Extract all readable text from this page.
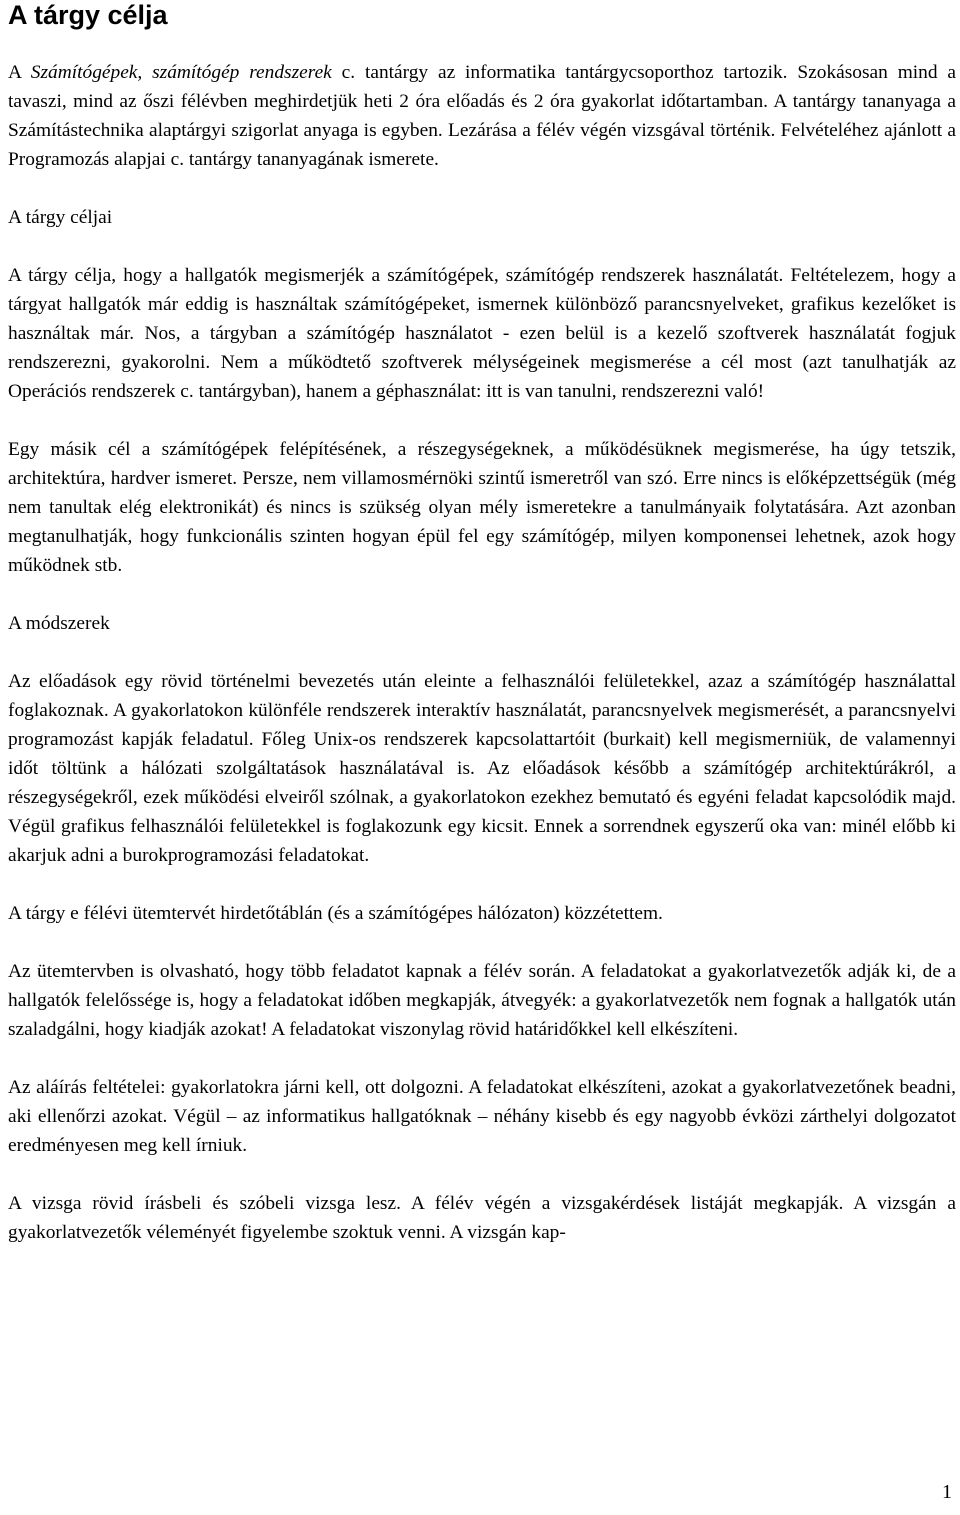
A tárgy célja

A Számítógépek, számítógép rendszerek c. tantárgy az informatika tantárgycsoporthoz tartozik. Szokásosan mind a tavaszi, mind az őszi félévben meghirdetjük heti 2 óra előadás és 2 óra gyakorlat időtartamban. A tantárgy tananyaga a Számítástechnika alaptárgyi szigorlat anyaga is egyben. Lezárása a félév végén vizsgával történik. Felvételéhez ajánlott a Programozás alapjai c. tantárgy tananyagának ismerete.

A tárgy céljai

A tárgy célja, hogy a hallgatók megismerjék a számítógépek, számítógép rendszerek használatát. Feltételezem, hogy a tárgyat hallgatók már eddig is használtak számítógépeket, ismernek különböző parancsnyelveket, grafikus kezelőket is használtak már. Nos, a tárgyban a számítógép használatot - ezen belül is a kezelő szoftverek használatát fogjuk rendszerezni, gyakorolni. Nem a működtető szoftverek mélységeinek megismerése a cél most (azt tanulhatják az Operációs rendszerek c. tantárgyban), hanem a géphasználat: itt is van tanulni, rendszerezni való!

Egy másik cél a számítógépek felépítésének, a részegységeknek, a működésüknek megismerése, ha úgy tetszik, architektúra, hardver ismeret. Persze, nem villamosmérnöki szintű ismeretről van szó. Erre nincs is előképzettségük (még nem tanultak elég elektronikát) és nincs is szükség olyan mély ismeretekre a tanulmányaik folytatására. Azt azonban megtanulhatják, hogy funkcionális szinten hogyan épül fel egy számítógép, milyen komponensei lehetnek, azok hogy működnek stb.

A módszerek

Az előadások egy rövid történelmi bevezetés után eleinte a felhasználói felületekkel, azaz a számítógép használattal foglakoznak. A gyakorlatokon különféle rendszerek interaktív használatát, parancsnyelvek megismerését, a parancsnyelvi programozást kapják feladatul. Főleg Unix-os rendszerek kapcsolattartóit (burkait) kell megismerniük, de valamennyi időt töltünk a hálózati szolgáltatások használatával is. Az előadások később a számítógép architektúrákról, a részegységekről, ezek működési elveiről szólnak, a gyakorlatokon ezekhez bemutató és egyéni feladat kapcsolódik majd. Végül grafikus felhasználói felületekkel is foglakozunk egy kicsit. Ennek a sorrendnek egyszerű oka van: minél előbb ki akarjuk adni a burokprogramozási feladatokat.

A tárgy e félévi ütemtervét hirdetőtáblán (és a számítógépes hálózaton) közzétettem.

Az ütemtervben is olvasható, hogy több feladatot kapnak a félév során. A feladatokat a gyakorlatvezetők adják ki, de a hallgatók felelőssége is, hogy a feladatokat időben megkapják, átvegyék: a gyakorlatvezetők nem fognak a hallgatók után szaladgálni, hogy kiadják azokat! A feladatokat viszonylag rövid határidőkkel kell elkészíteni.

Az aláírás feltételei: gyakorlatokra járni kell, ott dolgozni. A feladatokat elkészíteni, azokat a gyakorlatvezetőnek beadni, aki ellenőrzi azokat. Végül – az informatikus hallgatóknak – néhány kisebb és egy nagyobb évközi zárthelyi dolgozatot eredményesen meg kell írniuk.

A vizsga rövid írásbeli és szóbeli vizsga lesz. A félév végén a vizsgakérdések listáját megkapják. A vizsgán a gyakorlatvezetők véleményét figyelembe szoktuk venni. A vizsgán kap-

1
